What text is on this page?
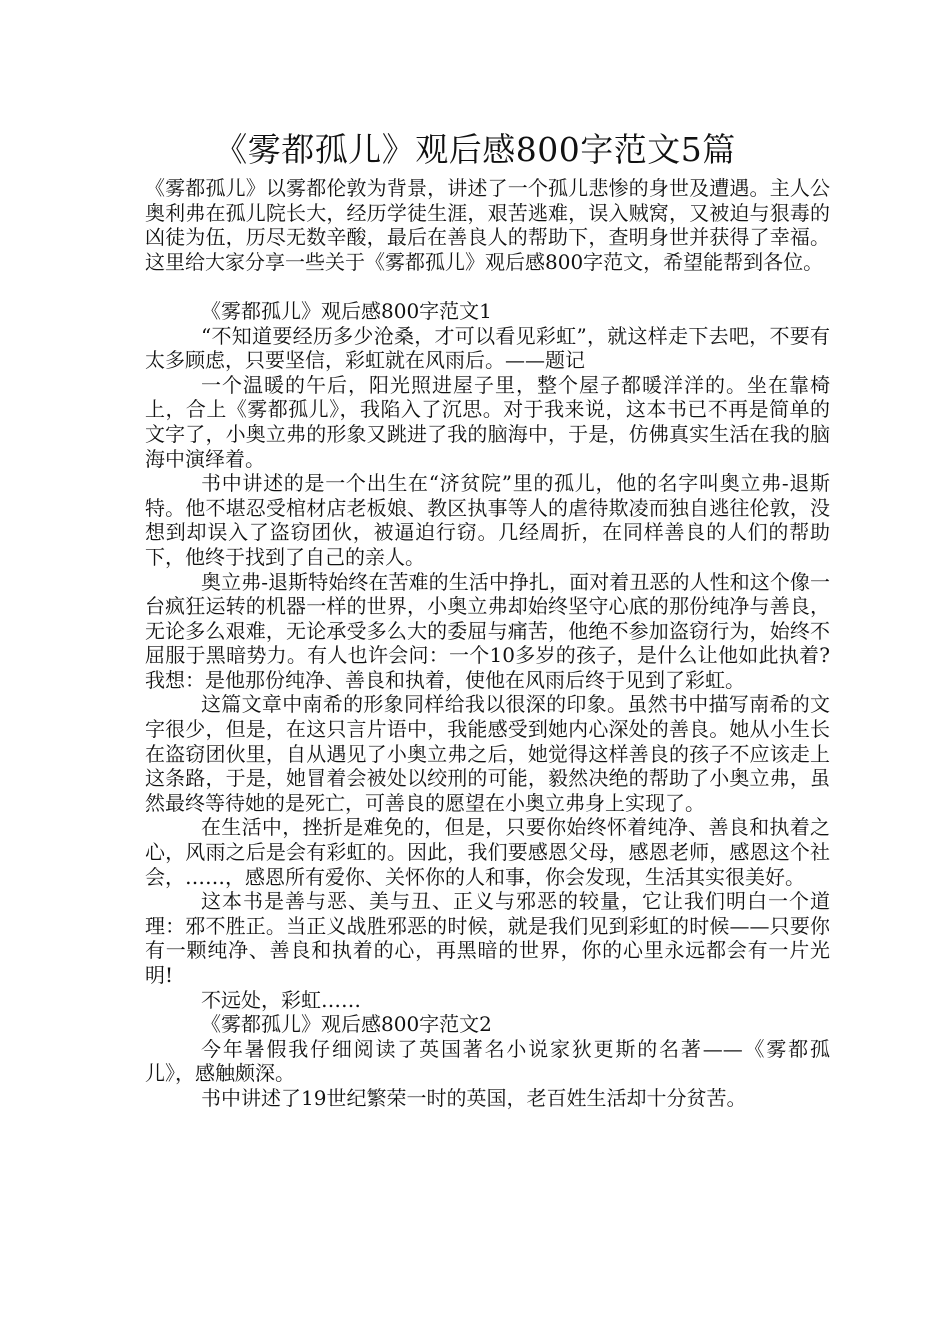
《雾都孤儿》观后感800字范文5篇

《雾都孤儿》以雾都伦敦为背景，讲述了一个孤儿悲惨的身世及遭遇。主人公奥利弗在孤儿院长大，经历学徒生涯，艰苦逃难，误入贼窝，又被迫与狠毒的凶徒为伍，历尽无数辛酸，最后在善良人的帮助下，查明身世并获得了幸福。这里给大家分享一些关于《雾都孤儿》观后感800字范文，希望能帮到各位。

《雾都孤儿》观后感800字范文1

“不知道要经历多少沧桑，才可以看见彩虹”，就这样走下去吧，不要有太多顾虑，只要坚信，彩虹就在风雨后。——题记

一个温暖的午后，阳光照进屋子里，整个屋子都暖洋洋的。坐在靠椅上，合上《雾都孤儿》，我陷入了沉思。对于我来说，这本书已不再是简单的文字了，小奥立弗的形象又跳进了我的脑海中，于是，仿佛真实生活在我的脑海中演绎着。

书中讲述的是一个出生在“济贫院”里的孤儿，他的名字叫奥立弗-退斯特。他不堪忍受棺材店老板娘、教区执事等人的虐待欺凌而独自逃往伦敦，没想到却误入了盗窃团伙，被逼迫行窃。几经周折，在同样善良的人们的帮助下，他终于找到了自己的亲人。

奥立弗-退斯特始终在苦难的生活中挣扎，面对着丑恶的人性和这个像一台疯狂运转的机器一样的世界，小奥立弗却始终坚守心底的那份纯净与善良，无论多么艰难，无论承受多么大的委屈与痛苦，他绝不参加盗窃行为，始终不屈服于黑暗势力。有人也许会问：一个10多岁的孩子，是什么让他如此执着?我想：是他那份纯净、善良和执着，使他在风雨后终于见到了彩虹。

这篇文章中南希的形象同样给我以很深的印象。虽然书中描写南希的文字很少，但是，在这只言片语中，我能感受到她内心深处的善良。她从小生长在盗窃团伙里，自从遇见了小奥立弗之后，她觉得这样善良的孩子不应该走上这条路，于是，她冒着会被处以绞刑的可能，毅然决绝的帮助了小奥立弗，虽然最终等待她的是死亡，可善良的愿望在小奥立弗身上实现了。

在生活中，挫折是难免的，但是，只要你始终怀着纯净、善良和执着之心，风雨之后是会有彩虹的。因此，我们要感恩父母，感恩老师，感恩这个社会，……，感恩所有爱你、关怀你的人和事，你会发现，生活其实很美好。

这本书是善与恶、美与丑、正义与邪恶的较量，它让我们明白一个道理：邪不胜正。当正义战胜邪恶的时候，就是我们见到彩虹的时候——只要你有一颗纯净、善良和执着的心，再黑暗的世界，你的心里永远都会有一片光明!

不远处，彩虹……

《雾都孤儿》观后感800字范文2

今年暑假我仔细阅读了英国著名小说家狄更斯的名著——《雾都孤儿》，感触颇深。

书中讲述了19世纪繁荣一时的英国，老百姓生活却十分贫苦。
